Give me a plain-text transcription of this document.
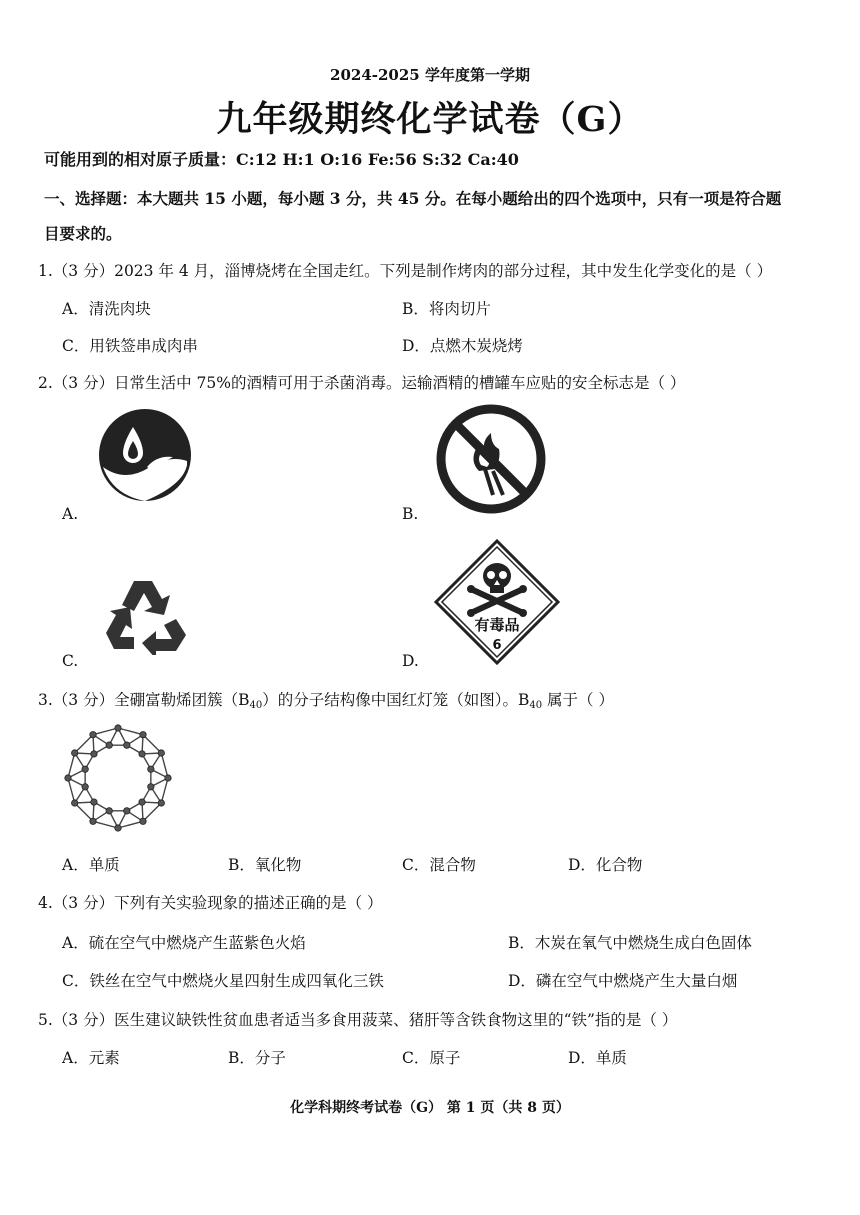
2024-2025 学年度第一学期
九年级期终化学试卷（G）
可能用到的相对原子质量：C:12 H:1 O:16 Fe:56 S:32 Ca:40
一、选择题：本大题共 15 小题，每小题 3 分，共 45 分。在每小题给出的四个选项中，只有一项是符合题
目要求的。
1.（3 分）2023 年 4 月，淄博烧烤在全国走红。下列是制作烤肉的部分过程，其中发生化学变化的是（ ）
A．清洗肉块	B．将肉切片
C．用铁签串成肉串	D．点燃木炭烧烤
2.（3 分）日常生活中 75%的酒精可用于杀菌消毒。运输酒精的槽罐车应贴的安全标志是（ ）
A.	B.
C.
有毒品
6
D.
3.（3 分）全硼富勒烯团簇$(B_{40})$的分子结构像中国红灯笼（如图）。$B_{40}$ 属于（ ）
A．单质	B．氧化物	C．混合物	D．化合物
4.（3 分）下列有关实验现象的描述正确的是（ ）
A．硫在空气中燃烧产生蓝紫色火焰	B．木炭在氧气中燃烧生成白色固体
C．铁丝在空气中燃烧火星四射生成四氧化三铁	D．磷在空气中燃烧产生大量白烟
5.（3 分）医生建议缺铁性贫血患者适当多食用菠菜、猪肝等含铁食物这里的“铁”指的是（ ）
A．元素	B．分子	C．原子	D．单质
化学科期终考试卷（G） 第 1 页（共 8 页）
